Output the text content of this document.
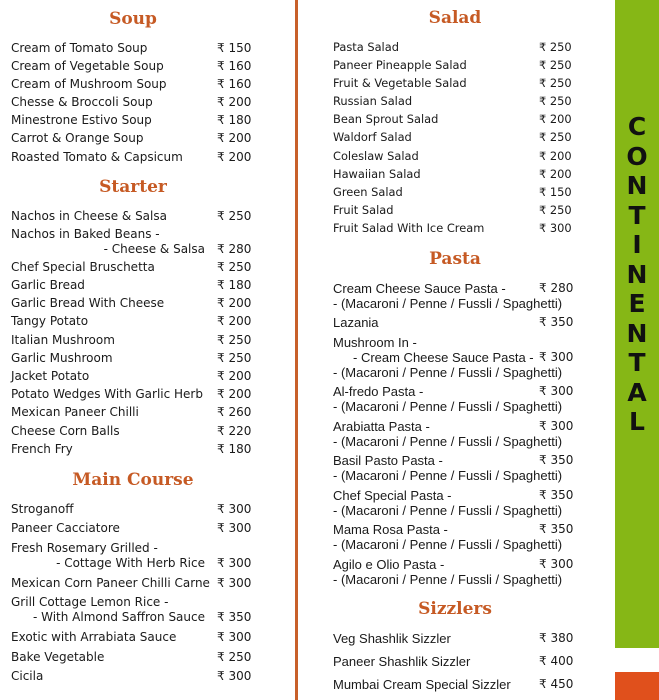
Soup
Cream of Tomato Soup	₹ 150
Cream of Vegetable Soup	₹ 160
Cream of Mushroom Soup	₹ 160
Chesse & Broccoli Soup	₹ 200
Minestrone Estivo Soup	₹ 180
Carrot & Orange Soup	₹ 200
Roasted Tomato & Capsicum	₹ 200
Starter
Nachos in Cheese & Salsa	₹ 250
Nachos in Baked Beans -
- Cheese & Salsa	₹ 280
Chef Special Bruschetta	₹ 250
Garlic Bread	₹ 180
Garlic Bread With Cheese	₹ 200
Tangy Potato	₹ 200
Italian Mushroom	₹ 250
Garlic Mushroom	₹ 250
Jacket Potato	₹ 200
Potato Wedges With Garlic Herb	₹ 200
Mexican Paneer Chilli	₹ 260
Cheese Corn Balls	₹ 220
French Fry	₹ 180
Main Course
Stroganoff	₹ 300
Paneer Cacciatore	₹ 300
Fresh Rosemary Grilled -
- Cottage With Herb Rice	₹ 300
Mexican Corn Paneer Chilli Carne ₹ 300
Grill Cottage Lemon Rice -
- With Almond Saffron Sauce	₹ 350
Exotic with Arrabiata Sauce	₹ 300
Bake Vegetable	₹ 250
Cicila	₹ 300
Salad
Pasta Salad	₹ 250
Paneer Pineapple Salad	₹ 250
Fruit & Vegetable Salad	₹ 250
Russian Salad	₹ 250
Bean Sprout Salad	₹ 200
Waldorf Salad	₹ 250
Coleslaw Salad	₹ 200
Hawaiian Salad	₹ 200
Green Salad	₹ 150
Fruit Salad	₹ 250
Fruit Salad With Ice Cream	₹ 300
Pasta
Cream Cheese Sauce Pasta -	₹ 280
- (Macaroni / Penne / Fussli / Spaghetti)
Lazania	₹ 350
Mushroom In -
- Cream Cheese Sauce Pasta - ₹ 300
- (Macaroni / Penne / Fussli / Spaghetti)
Al-fredo Pasta -	₹ 300
- (Macaroni / Penne / Fussli / Spaghetti)
Arabiatta Pasta -	₹ 300
- (Macaroni / Penne / Fussli / Spaghetti)
Basil Pasto Pasta -	₹ 350
- (Macaroni / Penne / Fussli / Spaghetti)
Chef Special Pasta -	₹ 350
- (Macaroni / Penne / Fussli / Spaghetti)
Mama Rosa Pasta -	₹ 350
- (Macaroni / Penne / Fussli / Spaghetti)
Agilo e Olio Pasta -	₹ 300
- (Macaroni / Penne / Fussli / Spaghetti)
Sizzlers
Veg Shashlik Sizzler	₹ 380
Paneer Shashlik Sizzler	₹ 400
Mumbai Cream Special Sizzler	₹ 450
C
O
N
T
I
N
E
N
T
A
L
